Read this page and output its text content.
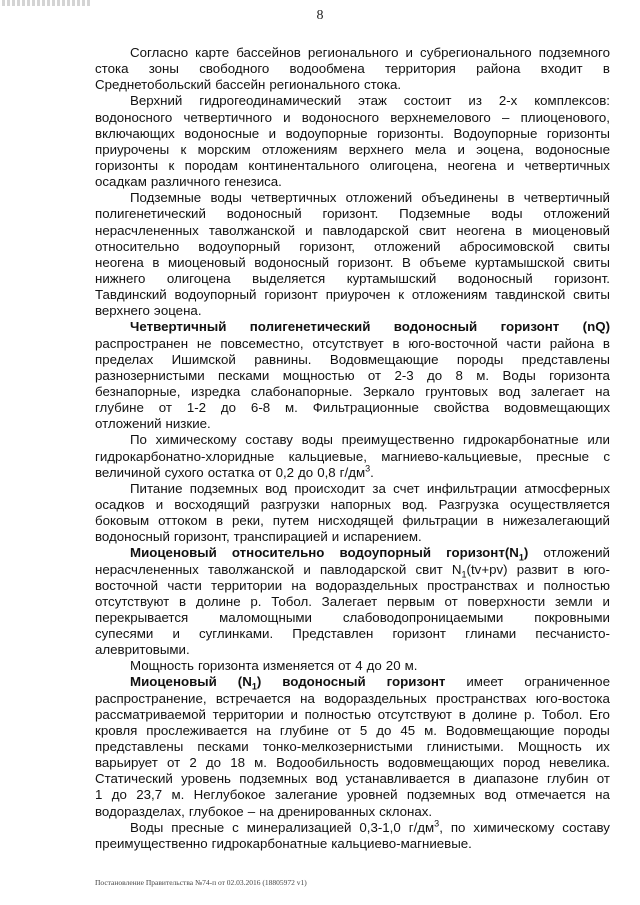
8
Согласно карте бассейнов регионального и субрегионального подземного
стока зоны свободного водообмена территория района входит в
Среднетобольский бассейн регионального стока.
Верхний гидрогеодинамический этаж состоит из 2-х комплексов:
водоносного четвертичного и водоносного верхнемелового – плиоценового,
включающих водоносные и водоупорные горизонты. Водоупорные горизонты
приурочены к морским отложениям верхнего мела и эоцена, водоносные
горизонты к породам континентального олигоцена, неогена и четвертичных
осадкам различного генезиса.
Подземные воды четвертичных отложений объединены в четвертичный
полигенетический водоносный горизонт. Подземные воды отложений
нерасчлененных таволжанской и павлодарской свит неогена в миоценовый
относительно водоупорный горизонт, отложений абросимовской свиты
неогена в миоценовый водоносный горизонт. В объеме куртамышской свиты
нижнего олигоцена выделяется куртамышский водоносный горизонт.
Тавдинский водоупорный горизонт приурочен к отложениям тавдинской свиты
верхнего эоцена.
Четвертичный полигенетический водоносный горизонт (nQ)
распространен не повсеместно, отсутствует в юго-восточной части района в
пределах Ишимской равнины. Водовмещающие породы представлены
разнозернистыми песками мощностью от 2-3 до 8 м. Воды горизонта
безнапорные, изредка слабонапорные. Зеркало грунтовых вод залегает на
глубине от 1-2 до 6-8 м. Фильтрационные свойства водовмещающих
отложений низкие.
По химическому составу воды преимущественно гидрокарбонатные или
гидрокарбонатно-хлоридные кальциевые, магниево-кальциевые, пресные с
величиной сухого остатка от 0,2 до 0,8 $г/дм^3$.
Питание подземных вод происходит за счет инфильтрации атмосферных
осадков и восходящий разгрузки напорных вод. Разгрузка осуществляется
боковым оттоком в реки, путем нисходящей фильтрации в нижезалегающий
водоносный горизонт, транспирацией и испарением.
Миоценовый относительно водоупорный $горизонт(N_1)$ отложений
нерасчлененных таволжанской и павлодарской свит $N_1(tv+pv)$ развит в юго-
восточной части территории на водораздельных пространствах и полностью
отсутствуют в долине р. Тобол. Залегает первым от поверхности земли и
перекрывается маломощными слабоводопроницаемыми покровными
супесями и суглинками. Представлен горизонт глинами песчанисто-
алевритовыми.
Мощность горизонта изменяется от 4 до 20 м.
Миоценовый $(N_1)$ водоносный горизонт имеет ограниченное
распространение, встречается на водораздельных пространствах юго-востока
рассматриваемой территории и полностью отсутствуют в долине р. Тобол. Его
кровля прослеживается на глубине от 5 до 45 м. Водовмещающие породы
представлены песками тонко-мелкозернистыми глинистыми. Мощность их
варьирует от 2 до 18 м. Водообильность водовмещающих пород невелика.
Статический уровень подземных вод устанавливается в диапазоне глубин от
1 до 23,7 м. Неглубокое залегание уровней подземных вод отмечается на
водоразделах, глубокое – на дренированных склонах.
Воды пресные с минерализацией 0,3-1,0 $г/дм^3$, по химическому составу
преимущественно гидрокарбонатные кальциево-магниевые.
Постановление Правительства №74-п от 02.03.2016 (18805972 v1)
